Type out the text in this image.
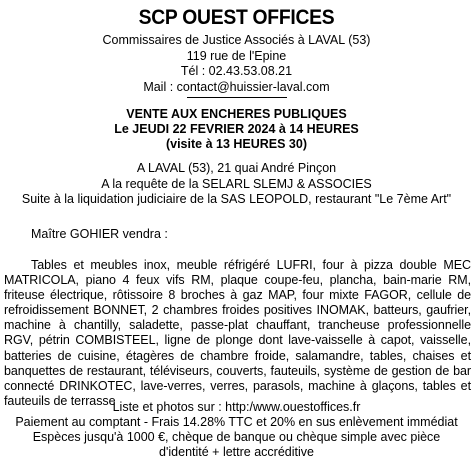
SCP OUEST OFFICES
Commissaires de Justice Associés à LAVAL (53)
119 rue de l'Epine
Tél : 02.43.53.08.21
Mail : contact@huissier-laval.com
VENTE AUX ENCHERES PUBLIQUES
Le JEUDI 22 FEVRIER 2024 à 14 HEURES
(visite à 13 HEURES 30)
A LAVAL (53), 21 quai André Pinçon
A la requête de la SELARL SLEMJ & ASSOCIES
Suite à la liquidation judiciaire de la SAS LEOPOLD, restaurant "Le 7ème Art"
Maître GOHIER vendra :
Tables et meubles inox, meuble réfrigéré LUFRI, four à pizza double MEC MATRICOLA, piano 4 feux vifs RM, plaque coupe-feu, plancha, bain-marie RM, friteuse électrique, rôtissoire 8 broches à gaz MAP, four mixte FAGOR, cellule de refroidissement BONNET, 2 chambres froides positives INOMAK, batteurs, gaufrier, machine à chantilly, saladette, passe-plat chauffant, trancheuse professionnelle RGV, pétrin COMBISTEEL, ligne de plonge dont lave-vaisselle à capot, vaisselle, batteries de cuisine, étagères de chambre froide, salamandre, tables, chaises et banquettes de restaurant, téléviseurs, couverts, fauteuils, système de gestion de bar connecté DRINKOTEC, lave-verres, verres, parasols, machine à glaçons, tables et fauteuils de terrasse
Liste et photos sur : http:/www.ouestoffices.fr
Paiement au comptant - Frais 14.28% TTC et 20% en sus enlèvement immédiat
Espèces jusqu'à 1000 €, chèque de banque ou chèque simple avec pièce
d'identité + lettre accréditive
